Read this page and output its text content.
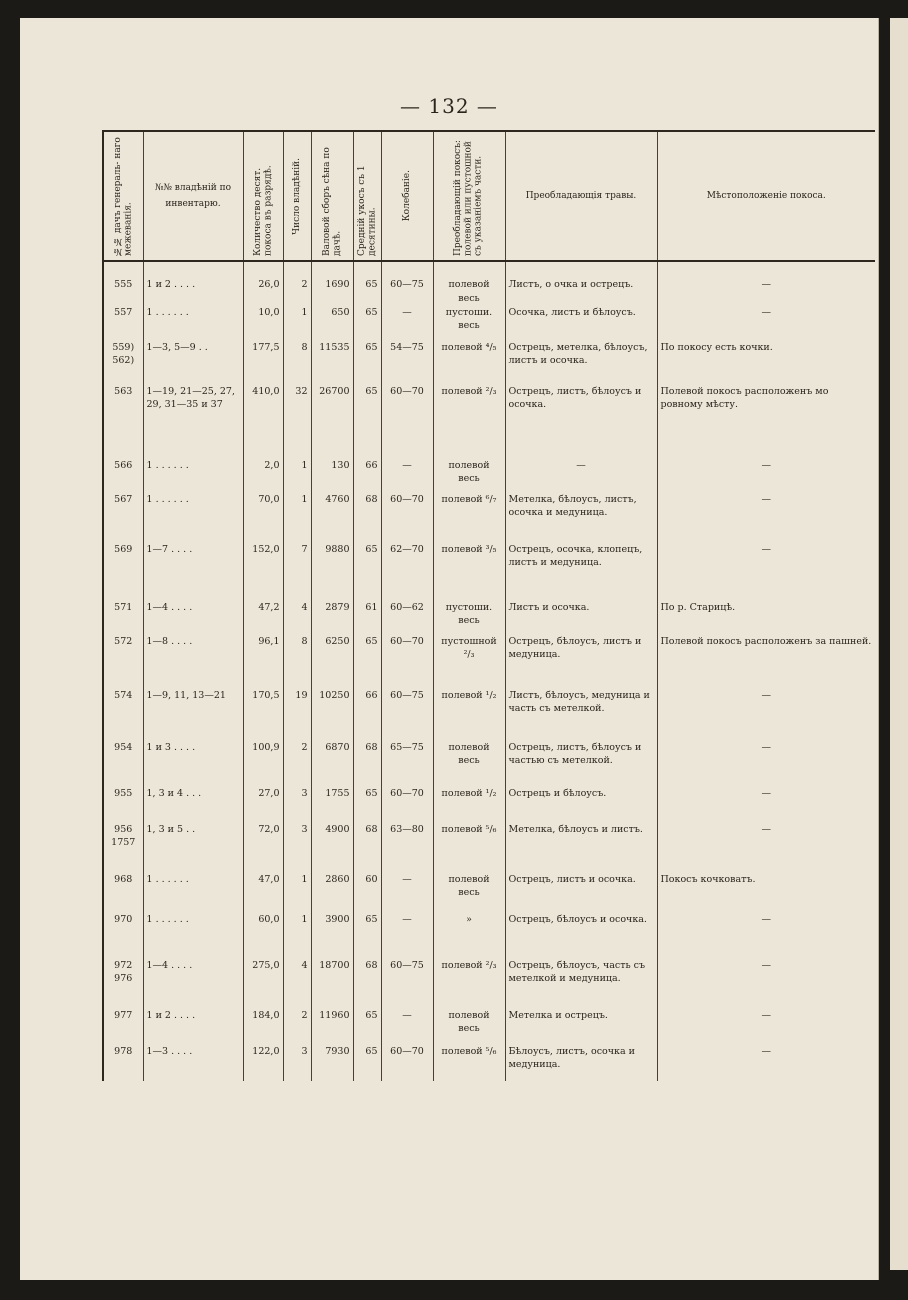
— 132 —
№№ дачъ генераль- наго межеванія.	№№ владѣній по инвентарю.	Количество десят. покоса въ разрядѣ.	Число владѣній.	Валовой сборъ сѣна по дачѣ.	Средній укосъ съ 1 десятины.	Колебаніе.	Преобладающій покосъ: полевой или пустошной съ указаніемъ части.	Преобладающія травы.	Мѣстоположеніе покоса.
555	1 и 2 . . . .	26,0	2	1690	65	60—75	полевой весь	Листъ, о очка и острецъ.	—
557	1 . . . . . .	10,0	1	650	65	—	пустоши. весь	Осочка, листъ и бѣлоусъ.	—
559) 562)	1—3, 5—9 . .	177,5	8	11535	65	54—75	полевой ⁴/₅	Острецъ, метелка, бѣлоусъ, листъ и осочка.	По покосу есть кочки.
563	1—19, 21—25, 27, 29, 31—35 и 37	410,0	32	26700	65	60—70	полевой ²/₃	Острецъ, листъ, бѣлоусъ и осочка.	Полевой покосъ расположенъ мо ровному мѣсту.
566	1 . . . . . .	2,0	1	130	66	—	полевой весь	—	—
567	1 . . . . . .	70,0	1	4760	68	60—70	полевой ⁶/₇	Метелка, бѣлоусъ, листъ, осочка и медуница.	—
569	1—7 . . . .	152,0	7	9880	65	62—70	полевой ³/₅	Острецъ, осочка, клопецъ, листъ и медуница.	—
571	1—4 . . . .	47,2	4	2879	61	60—62	пустоши. весь	Листъ и осочка.	По р. Старицѣ.
572	1—8 . . . .	96,1	8	6250	65	60—70	пустошной ²/₃	Острецъ, бѣлоусъ, листъ и медуница.	Полевой покосъ расположенъ за пашней.
574	1—9, 11, 13—21	170,5	19	10250	66	60—75	полевой ¹/₂	Листъ, бѣлоусъ, медуница и часть съ метелкой.	—
954	1 и 3 . . . .	100,9	2	6870	68	65—75	полевой весь	Острецъ, листъ, бѣлоусъ и частью съ метелкой.	—
955	1, 3 и 4 . . .	27,0	3	1755	65	60—70	полевой ¹/₂	Острецъ и бѣлоусъ.	—
956 1757	1, 3 и 5 . .	72,0	3	4900	68	63—80	полевой ⁵/₆	Метелка, бѣлоусъ и листъ.	—
968	1 . . . . . .	47,0	1	2860	60	—	полевой весь	Острецъ, листъ и осочка.	Покосъ кочковатъ.
970	1 . . . . . .	60,0	1	3900	65	—	»	Острецъ, бѣлоусъ и осочка.	—
972 976	1—4 . . . .	275,0	4	18700	68	60—75	полевой ²/₃	Острецъ, бѣлоусъ, часть съ метелкой и медуница.	—
977	1 и 2 . . . .	184,0	2	11960	65	—	полевой весь	Метелка и острецъ.	—
978	1—3 . . . .	122,0	3	7930	65	60—70	полевой ⁵/₆	Бѣлоусъ, листъ, осочка и медуница.	—
